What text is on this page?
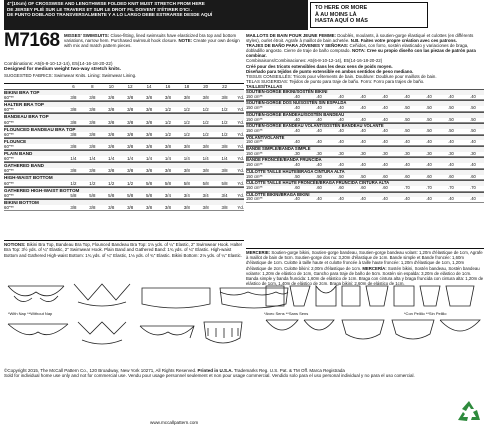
4"(10cm) OF CROSSWISE AND LENGTHWISE FOLDED KNIT MUST STRETCH FROM HERE
DE JERSEY PLIÉ SUR LE TRAVERS ET SUR LE DROIT FIL DOIVENT S'ÉTIRER D'ICI .
DE PUNTO DOBLADO TRANSVERSALMENTE Y A LO LARGO DEBE ESTIRARSE DESDE AQUÍ
TO HERE OR MORE
À AU MOINS LÀ
HASTA AQUÍ O MÁS
M7168 MISSES' SWIMSUITS: Close-fitting, lined swimsuits have elasticized bra top and bottom variations, narrow hem. Purchased swimsuit hook closure. NOTE: Create your own design with mix and match pattern pieces.
Combinations: A5(6-8-10-12-14), E5(14-16-18-20-22)
Designed for medium weight two-way stretch knits.
SUGGESTED FABRICS: Swimwear Knits. Lining: Swimwear Lining.
6	8	10	12	14	16	18	20	22
BIKINI BRA TOP
60"**	3/8	3/8	3/8	3/8	3/8	3/8	3/8	3/8	3/8	Yd.
HALTER BRA TOP
60"**	3/8	3/8	3/8	3/8	3/8	1/2	1/2	1/2	1/2	Yd.
BANDEAU BRA TOP
60"**	3/8	3/8	3/8	3/8	3/8	1/2	1/2	1/2	1/2	Yd.
FLOUNCED BANDEAU BRA TOP
60"**	3/8	3/8	3/8	3/8	3/8	1/2	1/2	1/2	1/2	Yd.
FLOUNCE
60"**	3/8	3/8	3/8	3/8	3/8	3/8	3/8	3/8	3/8	Yd.
PLAIN BAND
60"**	1/4	1/4	1/4	1/4	1/4	1/4	1/4	1/4	1/4	Yd.
GATHERED BAND
60"**	3/8	3/8	3/8	3/8	3/8	3/8	3/8	3/8	3/8	Yd.
HIGH-WAIST BOTTOM
60"**	1/2	1/2	1/2	1/2	5/8	5/8	5/8	5/8	5/8	Yd.
GATHERED HIGH-WAIST BOTTOM
60"**	5/8	5/8	5/8	5/8	5/8	3/4	3/4	3/4	3/4	Yd.
BIKINI BOTTOM
60"**	3/8	3/8	3/8	3/8	3/8	3/8	3/8	3/8	3/8	Yd.
NOTIONS: Bikini Bra Top, Bandeau Bra Top, Flounced Bandeau Bra Top: 1⅛ yds. of ¼" Elastic, 2" Swimwear Hook. Halter Bra Top: 3½ yds. of ¼" Elastic, 2" Swimwear Hook. Plain Band and Gathered Band: 1¾ yds. of ¼" Elastic. High-waist Bottom and Gathered High-waist Bottom: 1¾ yds. of ¼" Elastic, 1⅛ yds. of ¾" Elastic. Bikini Bottom: 2⅛ yds. of ¼" Elastic.
MAILLOTS DE BAIN POUR JEUNE FEMME: Doublés, moulants, à soutien-gorge élastiqué et culottes (en différents styles), ourlet étroit. Agrafe à maillot de bain achetée. N.B. Faites votre propre création avec ces patrons.
TRAJES DE BAÑO PARA JÓVENES Y SEÑORAS: Ceñidos, con forro, sostén elasticado y variaciones de braga, dobladillo angosto. Cierre de traje de baño comprado. NOTA: Cree su propio diseño con las piezas de patrón para combinar.
Combinaisons/Combinaciones: A5(6-8-10-12-14), E5(14-16-18-20-22)
Créé pour des tricots extensibles dans les deux sens de poids moyen.
Diseñado para tejidos de punto extensible en ambos sentidos de peso mediano.
TISSUS CONSEILLÉS: Tricots pour vêtements de bain. Doublure: Doublure pour maillots de bain.
TELAS SUGERIDAS: Tejidos de punto para traje de baño. Forro: Forro para trajes de baño.
TAILLES/TALLAS
SOUTIEN-GORGE BIKINI/SOSTÉN BIKINI
150 cm**	.40	.40	.40	.40	.40	.40	.40	.40	.40
SOUTIEN-GORGE DOS NU/SOSTÉN SIN ESPALDA
150 cm**	.40	.40	.40	.40	.40	.50	.50	.50	.50
SOUTIEN-GORGE BANDEAU/SOSTÉN BANDEAU
150 cm**	.40	.40	.40	.40	.40	.50	.50	.50	.50
SOUTIEN-GORGE BANDEAU VOLANT/SOSTÉN BANDEAU VOLANTE
150 cm**	.40	.40	.40	.40	.40	.50	.50	.50	.50
VOLANT/VOLANTE
150 cm**	.40	.40	.40	.40	.40	.40	.40	.40	.40
BANDE SIMPLE/BANDA SIMPLE
150 cm**	.30	.30	.30	.30	.30	.30	.30	.30	.30
BANDE FRONCÉE/BANDA FRUNCIDA
150 cm**	.40	.40	.40	.40	.40	.40	.40	.40	.40
CULOTTE TAILLE HAUTE/BRAGA CINTURA ALTA
150 cm**	.50	.50	.50	.50	.60	.60	.60	.60	.60
CULOTTE TAILLE HAUTE FRONCÉE/BRAGA FRUNCIDA CINTURA ALTA
150 cm**	.60	.60	.60	.60	.60	.70	.70	.70	.70
CULOTTE BIKINI/BRAGA BIKINI
150 cm**	.40	.40	.40	.40	.40	.40	.40	.40	.40
MERCERIE: Soutien-gorge bikini, Soutien-gorge bandeau, Soutien-gorge bandeau volant: 1,20m d'élastique de 1cm, Agrafe à maillot de bain de 5cm. Soutien-gorge dos nu: 3,20m d'élastique de 1cm. Bande simple et Bande froncée: 1,60m d'élastique de 1cm. Culotte à taille haute et culotte froncée à taille haute froncée: 1,20m d'élastique de 1cm, 1,20m d'élastique de 2cm. Culotte bikini: 2,00m d'élastique de 1cm. MERCERÍA: Sostén bikini, Sostén bandeau, Sostén bandeau volante: 1,20m de elástico de 1cm, Gancho para traje de baño de 5cm. Sostén sin espalda: 3,20m de elástico de 1cm. Banda simple y banda fruncida: 1,60m de elástico de 1cm. Braga con cintura alta y braga fruncida con cintura alta: 1,20m de elástico de 1cm, 1,40m de elástico de 2cm. Braga bikini: 2,60m de elástico de 1cm.
*With Nap **Without Nap	*Avec Sens **Sans Sens	*Con Pelillo **Sin Pelillo
©Copyright 2015, The McCall Pattern Co., 120 Broadway, New York 10271, All Rights Reserved. Printed in U.S.A. Trademarks Reg. U.S. Pat. & TM Off. Marca Registrada
Sold for individual home use only and not for commercial use. Vendu pour usage personnel seulement et non pour usage commercial. Vendido solo para el uso personal individual y no para el uso comercial.
www.mccallpattern.com
